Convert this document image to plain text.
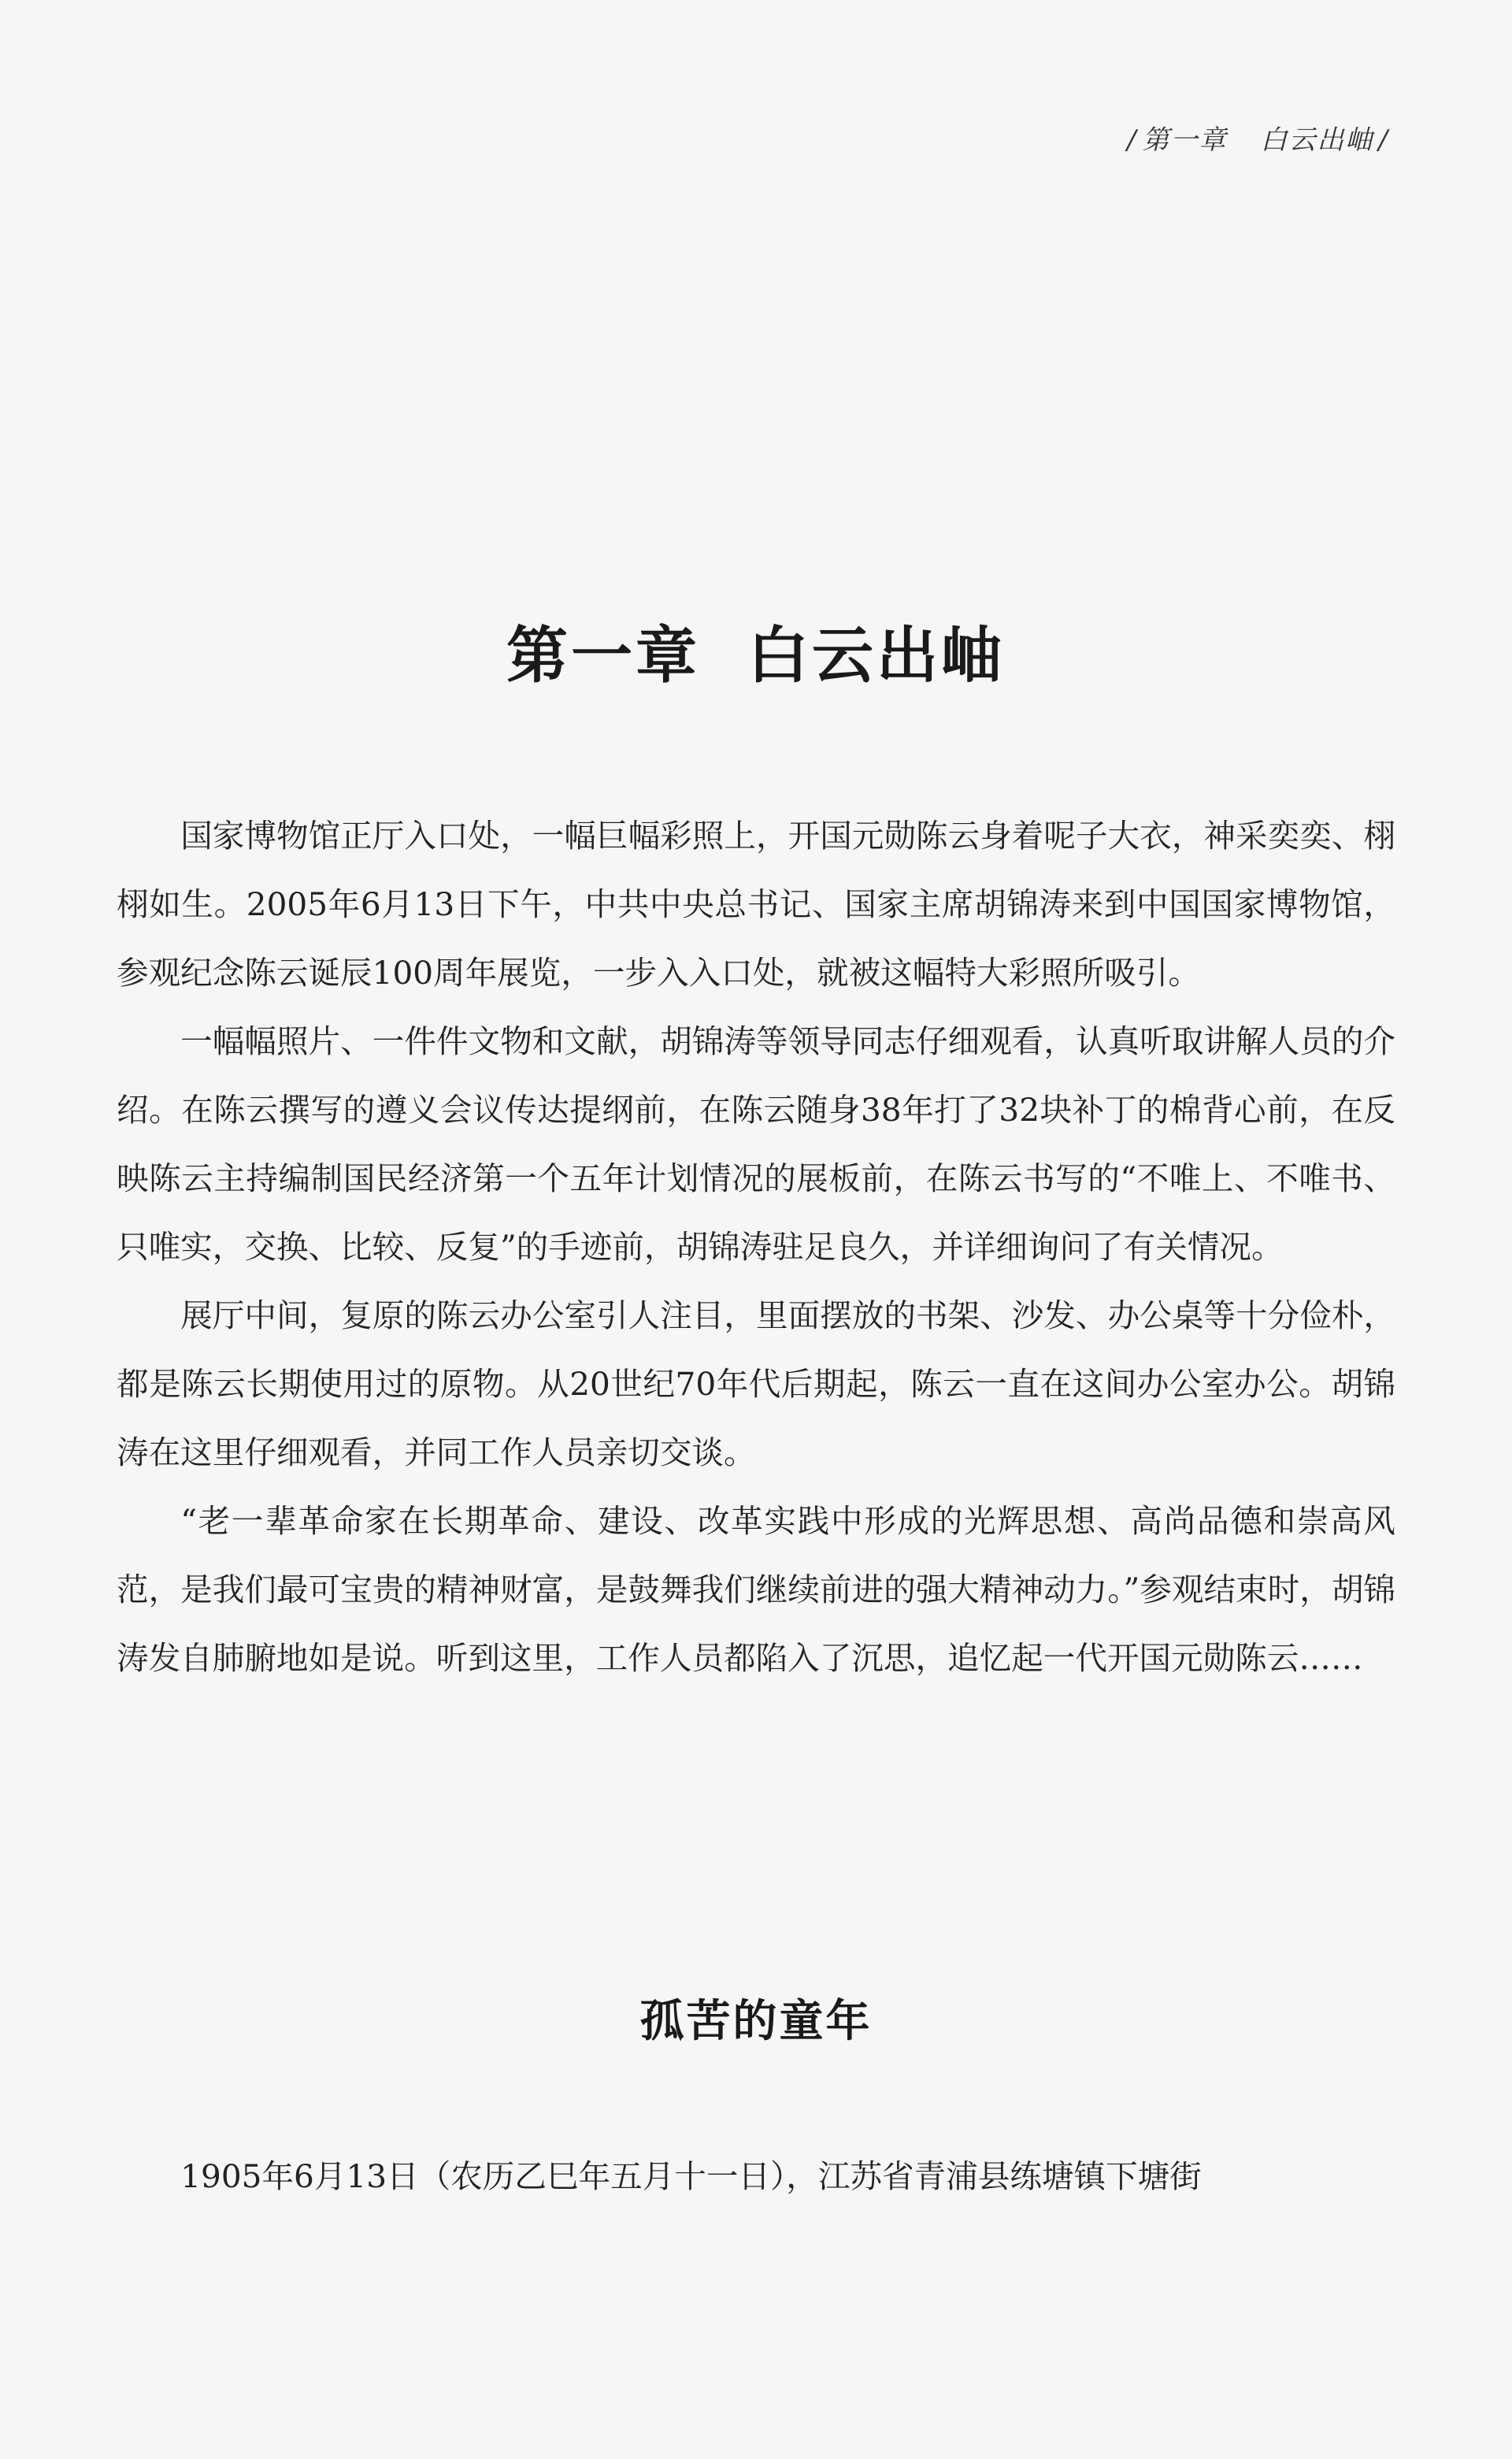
/ 第一章 白云出岫 /
第一章 白云出岫

国家博物馆正厅入口处，一幅巨幅彩照上，开国元勋陈云身着呢子大衣，神采奕奕、栩栩如生。2005年6月13日下午，中共中央总书记、国家主席胡锦涛来到中国国家博物馆，参观纪念陈云诞辰100周年展览，一步入入口处，就被这幅特大彩照所吸引。

一幅幅照片、一件件文物和文献，胡锦涛等领导同志仔细观看，认真听取讲解人员的介绍。在陈云撰写的遵义会议传达提纲前，在陈云随身38年打了32块补丁的棉背心前，在反映陈云主持编制国民经济第一个五年计划情况的展板前，在陈云书写的“不唯上、不唯书、只唯实，交换、比较、反复”的手迹前，胡锦涛驻足良久，并详细询问了有关情况。

展厅中间，复原的陈云办公室引人注目，里面摆放的书架、沙发、办公桌等十分俭朴，都是陈云长期使用过的原物。从20世纪70年代后期起，陈云一直在这间办公室办公。胡锦涛在这里仔细观看，并同工作人员亲切交谈。

“老一辈革命家在长期革命、建设、改革实践中形成的光辉思想、高尚品德和崇高风范，是我们最可宝贵的精神财富，是鼓舞我们继续前进的强大精神动力。”参观结束时，胡锦涛发自肺腑地如是说。听到这里，工作人员都陷入了沉思，追忆起一代开国元勋陈云……

孤苦的童年

1905年6月13日（农历乙巳年五月十一日），江苏省青浦县练塘镇下塘街
